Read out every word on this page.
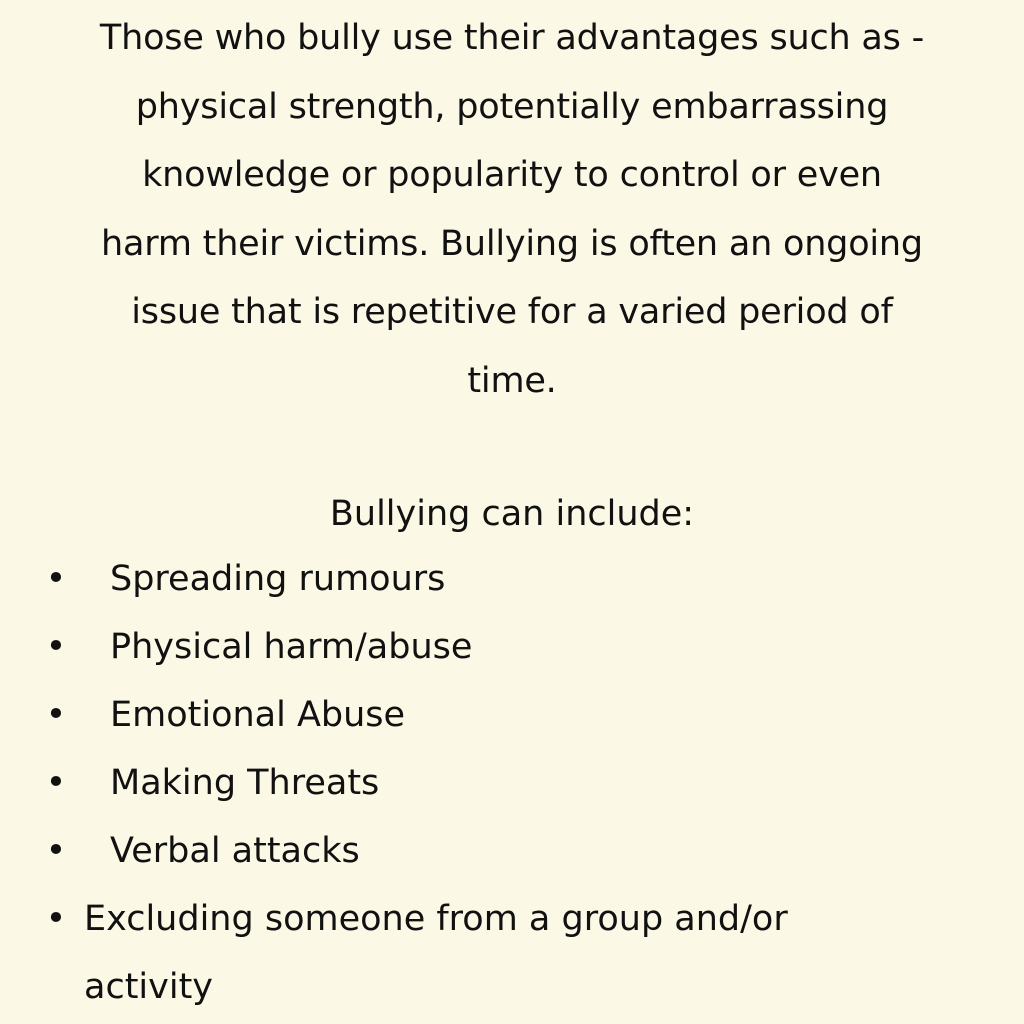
Those who bully use their advantages such as -
physical strength, potentially embarrassing
knowledge or popularity to control or even
harm their victims. Bullying is often an ongoing
issue that is repetitive for a varied period of
time.

Bullying can include:
• Spreading rumours
• Physical harm/abuse
• Emotional Abuse
• Making Threats
• Verbal attacks
• Excluding someone from a group and/or
activity
